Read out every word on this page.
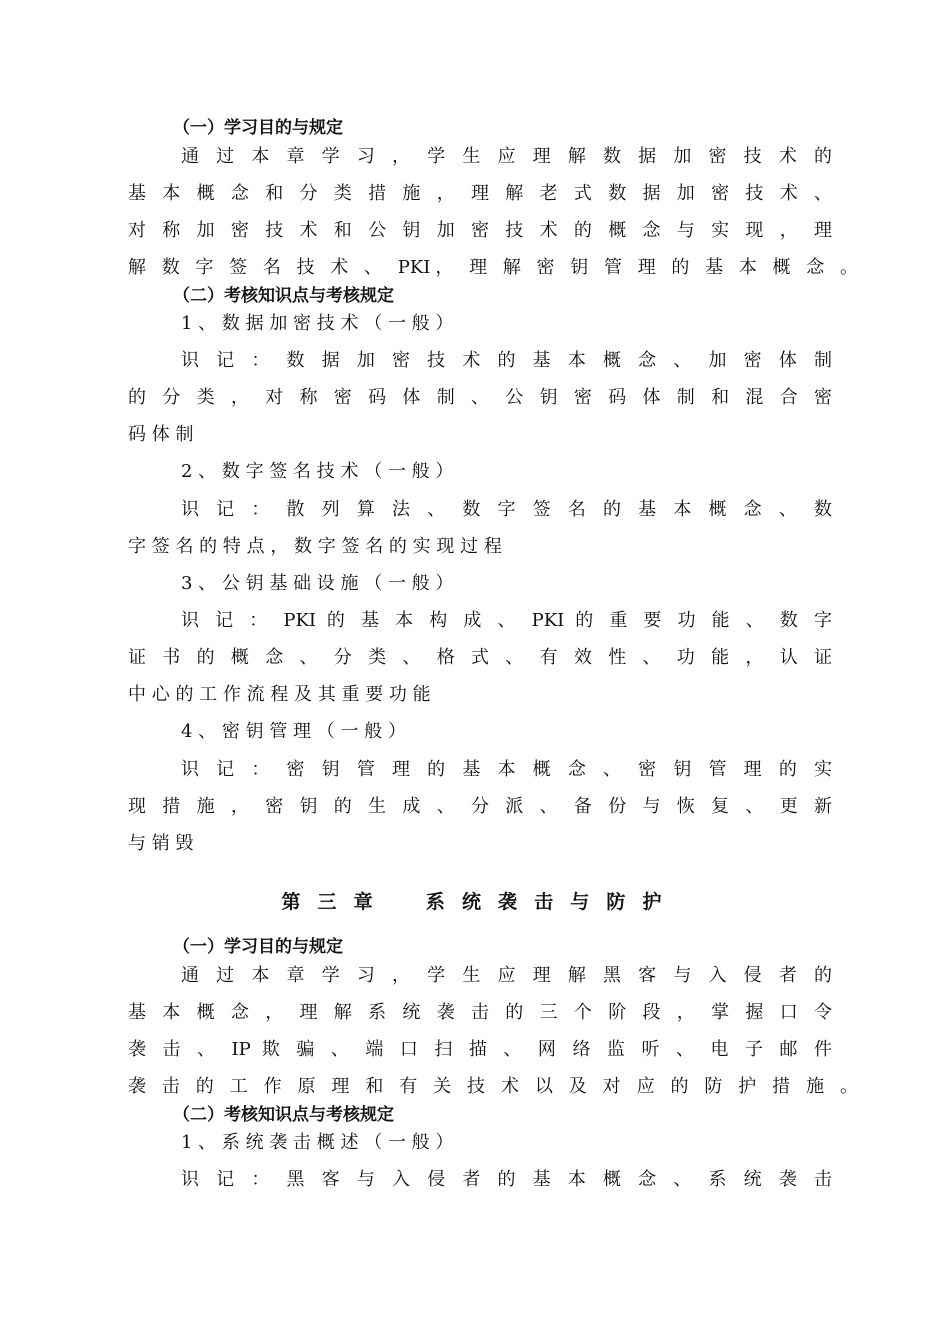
（一）学习目的与规定
通 过 本 章 学 习 ， 学 生 应 理 解 数 据 加 密 技 术 的
基 本 概 念 和 分 类 措 施 ， 理 解 老 式 数 据 加 密 技 术 、
对 称 加 密 技 术 和 公 钥 加 密 技 术 的 概 念 与 实 现 ， 理
解 数 字 签 名 技 术 、 PKI， 理 解 密 钥 管 理 的 基 本 概 念 。
（二）考核知识点与考核规定
1 、 数 据 加 密 技 术 （ 一 般 ）
识 记 ： 数 据 加 密 技 术 的 基 本 概 念 、 加 密 体 制
的 分 类 ， 对 称 密 码 体 制 、 公 钥 密 码 体 制 和 混 合 密
码 体 制
2 、 数 字 签 名 技 术 （ 一 般 ）
识 记 ： 散 列 算 法 、 数 字 签 名 的 基 本 概 念 、 数
字 签 名 的 特 点 ， 数 字 签 名 的 实 现 过 程
3 、 公 钥 基 础 设 施 （ 一 般 ）
识 记 ： PKI 的 基 本 构 成 、 PKI 的 重 要 功 能 、 数 字
证 书 的 概 念 、 分 类 、 格 式 、 有 效 性 、 功 能 ， 认 证
中 心 的 工 作 流 程 及 其 重 要 功 能
4 、 密 钥 管 理 （ 一 般 ）
识 记 ： 密 钥 管 理 的 基 本 概 念 、 密 钥 管 理 的 实
现 措 施 ， 密 钥 的 生 成 、 分 派 、 备 份 与 恢 复 、 更 新
与 销 毁
第三章　系统袭击与防护
（一）学习目的与规定
通 过 本 章 学 习 ， 学 生 应 理 解 黑 客 与 入 侵 者 的
基 本 概 念 ， 理 解 系 统 袭 击 的 三 个 阶 段 ， 掌 握 口 令
袭 击 、 IP 欺 骗 、 端 口 扫 描 、 网 络 监 听 、 电 子 邮 件
袭 击 的 工 作 原 理 和 有 关 技 术 以 及 对 应 的 防 护 措 施 。
（二）考核知识点与考核规定
1 、 系 统 袭 击 概 述 （ 一 般 ）
识 记 ： 黑 客 与 入 侵 者 的 基 本 概 念 、 系 统 袭 击
